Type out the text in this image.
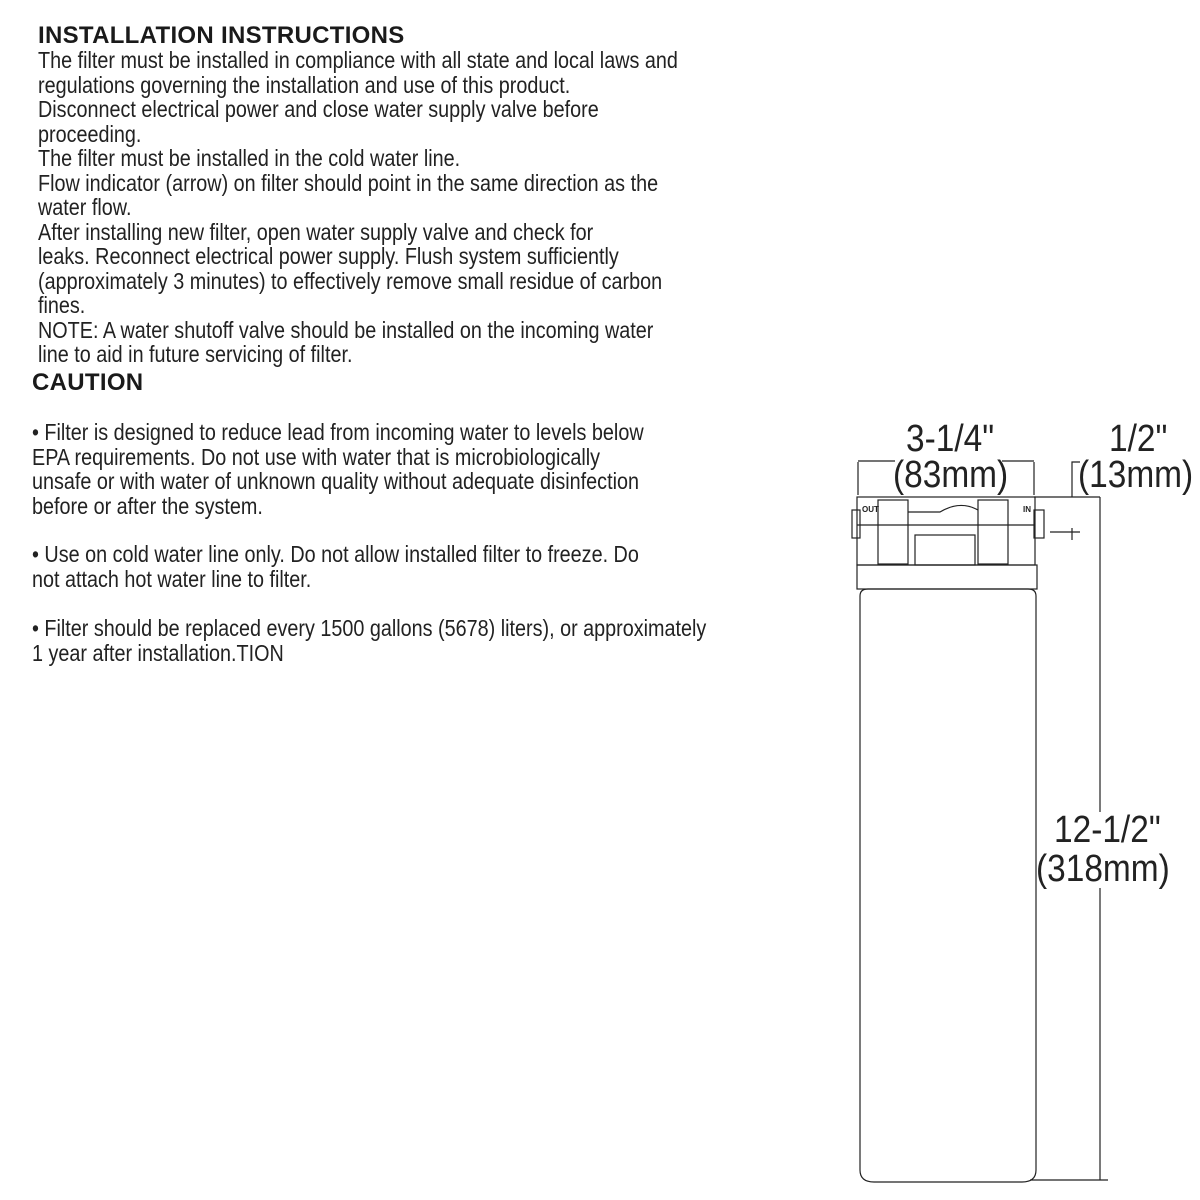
INSTALLATION INSTRUCTIONS
The filter must be installed in compliance with all state and local laws and
regulations governing the installation and use of this product.
Disconnect electrical power and close water supply valve before
proceeding.
The filter must be installed in the cold water line.
Flow indicator (arrow) on filter should point in the same direction as the
water flow.
After installing new filter, open water supply valve and check for
leaks. Reconnect electrical power supply. Flush system sufficiently
(approximately 3 minutes) to effectively remove small residue of carbon
fines.
NOTE: A water shutoff valve should be installed on the incoming water
line to aid in future servicing of filter.
CAUTION
• Filter is designed to reduce lead from incoming water to levels below
EPA requirements. Do not use with water that is microbiologically
unsafe or with water of unknown quality without adequate disinfection
before or after the system.
• Use on cold water line only. Do not allow installed filter to freeze. Do
not attach hot water line to filter.
• Filter should be replaced every 1500 gallons (5678) liters), or approximately
1 year after installation.TION
OUT	IN
3-1/4"
(83mm)
1/2"
(13mm)
12-1/2"
(318mm)
